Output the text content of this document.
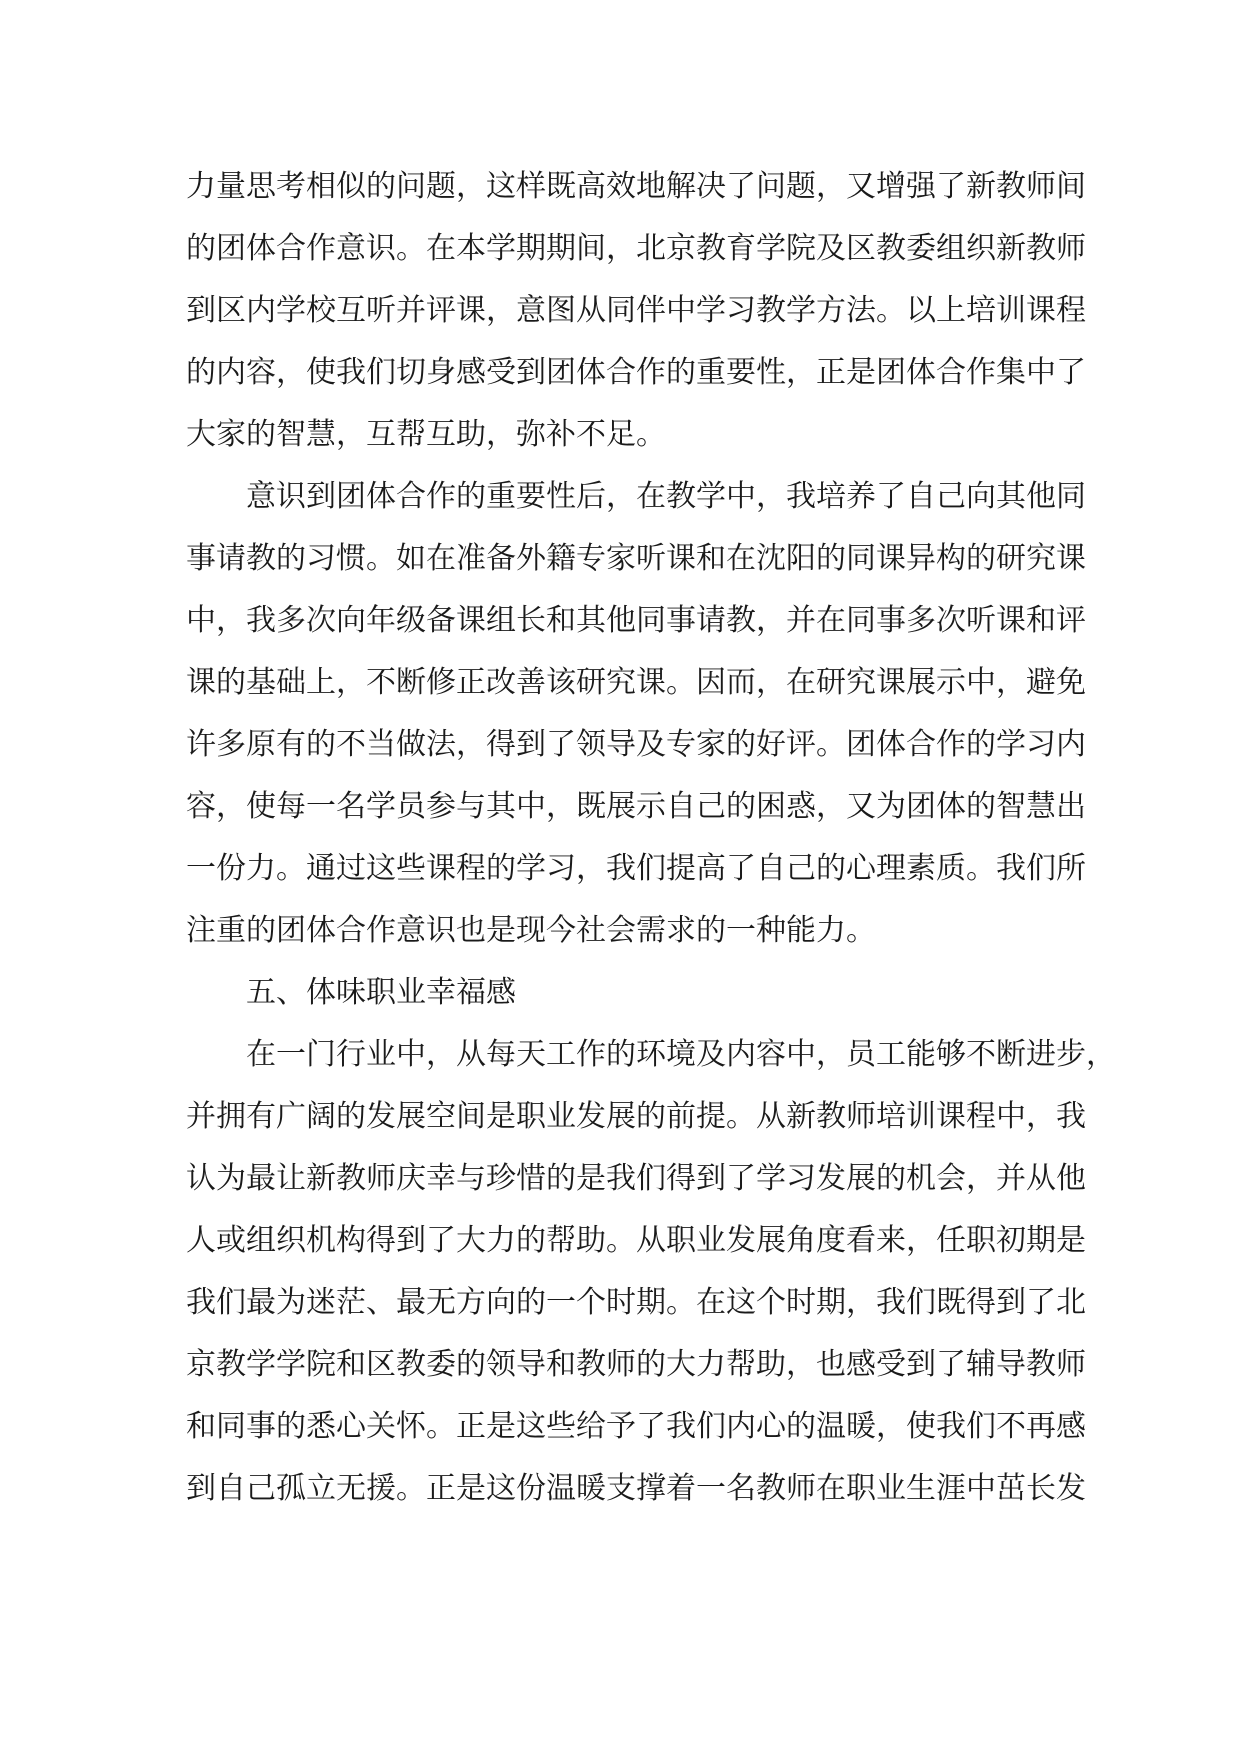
力量思考相似的问题，这样既高效地解决了问题，又增强了新教师间
的团体合作意识。在本学期期间，北京教育学院及区教委组织新教师
到区内学校互听并评课，意图从同伴中学习教学方法。以上培训课程
的内容，使我们切身感受到团体合作的重要性，正是团体合作集中了
大家的智慧，互帮互助，弥补不足。
意识到团体合作的重要性后，在教学中，我培养了自己向其他同
事请教的习惯。如在准备外籍专家听课和在沈阳的同课异构的研究课
中，我多次向年级备课组长和其他同事请教，并在同事多次听课和评
课的基础上，不断修正改善该研究课。因而，在研究课展示中，避免
许多原有的不当做法，得到了领导及专家的好评。团体合作的学习内
容，使每一名学员参与其中，既展示自己的困惑，又为团体的智慧出
一份力。通过这些课程的学习，我们提高了自己的心理素质。我们所
注重的团体合作意识也是现今社会需求的一种能力。
五、体味职业幸福感
在一门行业中，从每天工作的环境及内容中，员工能够不断进步，
并拥有广阔的发展空间是职业发展的前提。从新教师培训课程中，我
认为最让新教师庆幸与珍惜的是我们得到了学习发展的机会，并从他
人或组织机构得到了大力的帮助。从职业发展角度看来，任职初期是
我们最为迷茫、最无方向的一个时期。在这个时期，我们既得到了北
京教学学院和区教委的领导和教师的大力帮助，也感受到了辅导教师
和同事的悉心关怀。正是这些给予了我们内心的温暖，使我们不再感
到自己孤立无援。正是这份温暖支撑着一名教师在职业生涯中茁长发
